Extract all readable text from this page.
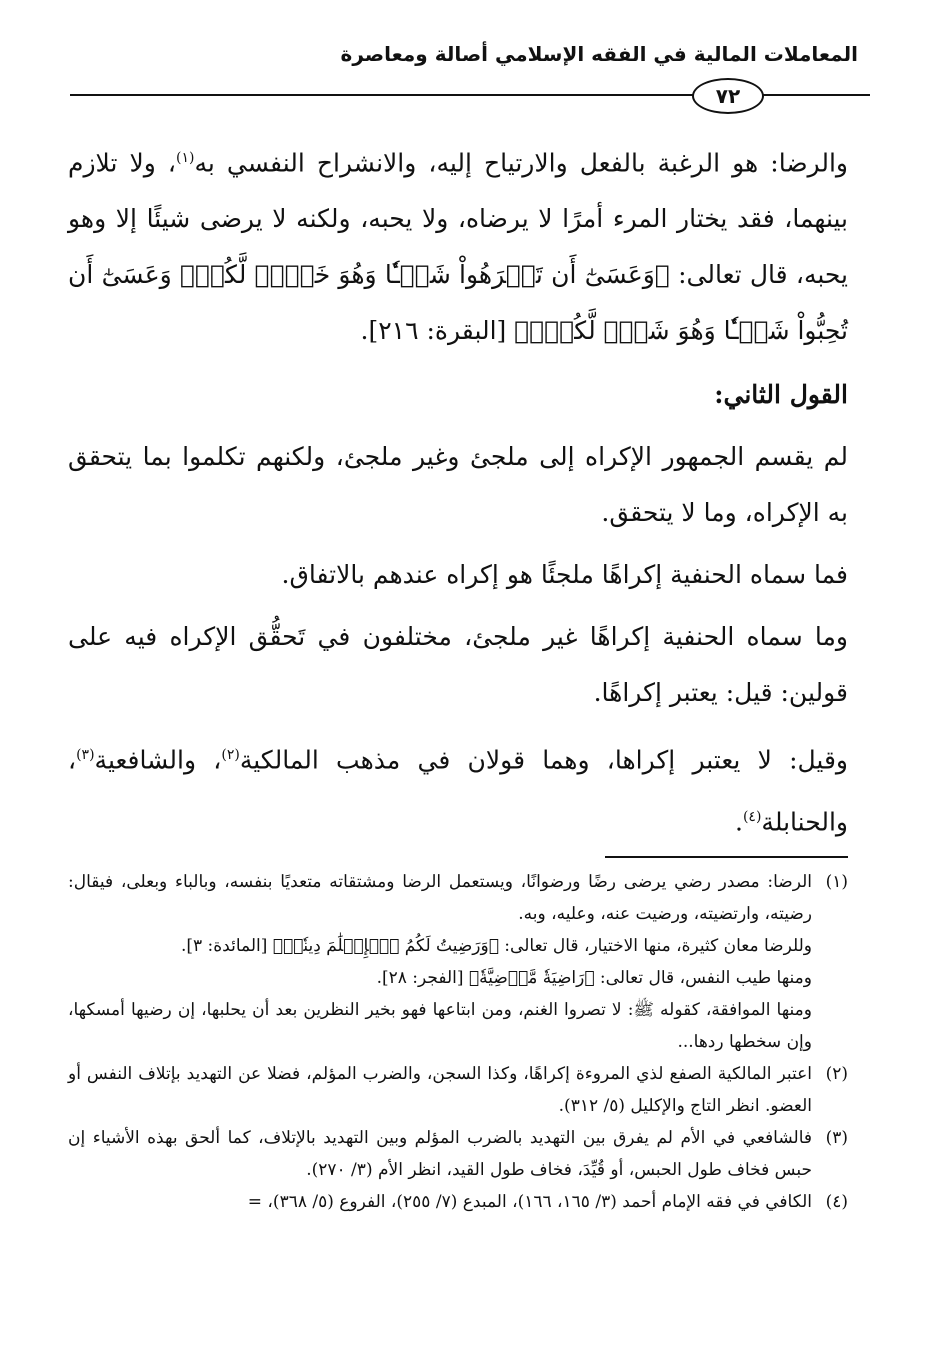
المعاملات المالية في الفقه الإسلامي أصالة ومعاصرة
٧٢

والرضا: هو الرغبة بالفعل والارتياح إليه، والانشراح النفسي به$^{(١)}$، ولا تلازم بينهما، فقد يختار المرء أمرًا لا يرضاه، ولا يحبه، ولكنه لا يرضى شيئًا إلا وهو يحبه، قال تعالى: ﴿وَعَسَىٰٓ أَن تَكۡرَهُواْ شَيۡـٔٗا وَهُوَ خَيۡرٞ لَّكُمۡۖ وَعَسَىٰٓ أَن تُحِبُّواْ شَيۡـٔٗا وَهُوَ شَرّٞ لَّكُمۡۚ﴾ [البقرة: ٢١٦].

القول الثاني:

لم يقسم الجمهور الإكراه إلى ملجئ وغير ملجئ، ولكنهم تكلموا بما يتحقق به الإكراه، وما لا يتحقق.

فما سماه الحنفية إكراهًا ملجئًا هو إكراه عندهم بالاتفاق.

وما سماه الحنفية إكراهًا غير ملجئ، مختلفون في تَحقُّق الإكراه فيه على قولين: قيل: يعتبر إكراهًا.

وقيل: لا يعتبر إكراها، وهما قولان في مذهب المالكية$^{(٢)}$، والشافعية$^{(٣)}$، والحنابلة$^{(٤)}$.

(١)
الرضا: مصدر رضي يرضى رضًا ورضوانًا، ويستعمل الرضا ومشتقاته متعديًا بنفسه، وبالباء وبعلى، فيقال: رضيته، وارتضيته، ورضيت عنه، وعليه، وبه.
وللرضا معان كثيرة، منها الاختيار، قال تعالى: ﴿وَرَضِيتُ لَكُمُ ٱلۡإِسۡلَٰمَ دِينٗاۚ﴾ [المائدة: ٣].
ومنها طيب النفس، قال تعالى: ﴿رَاضِيَةٗ مَّرۡضِيَّةٗ﴾ [الفجر: ٢٨].
ومنها الموافقة، كقوله ﷺ: لا تصروا الغنم، ومن ابتاعها فهو بخير النظرين بعد أن يحلبها، إن رضيها أمسكها، وإن سخطها ردها...
(٢)
اعتبر المالكية الصفع لذي المروءة إكراهًا، وكذا السجن، والضرب المؤلم، فضلا عن التهديد بإتلاف النفس أو العضو. انظر التاج والإكليل (٥/ ٣١٢).
(٣)
فالشافعي في الأم لم يفرق بين التهديد بالضرب المؤلم وبين التهديد بالإتلاف، كما ألحق بهذه الأشياء إن حبس فخاف طول الحبس، أو قُيِّدَ، فخاف طول القيد، انظر الأم (٣/ ٢٧٠).
(٤)
الكافي في فقه الإمام أحمد (٣/ ١٦٥، ١٦٦)، المبدع (٧/ ٢٥٥)، الفروع (٥/ ٣٦٨)، =
